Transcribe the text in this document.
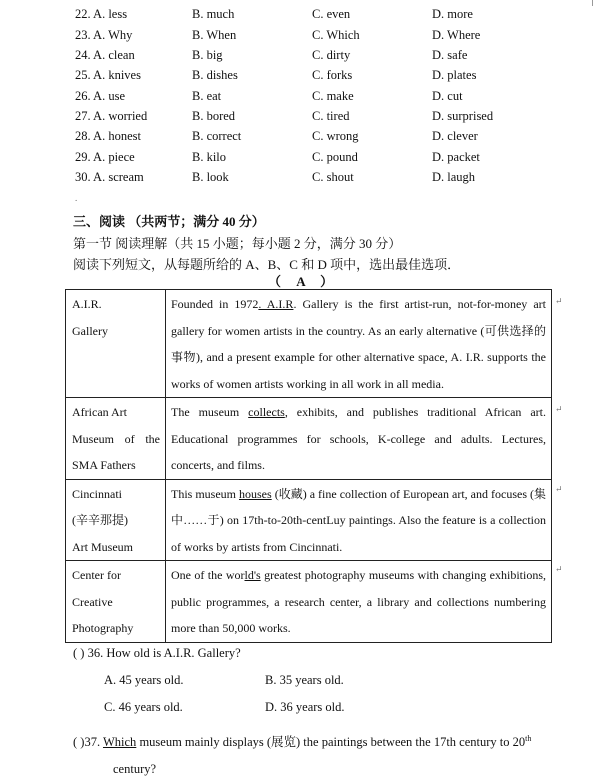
22. A. less	B. much	C. even	D. more
23. A. Why	B. When	C. Which	D. Where
24. A. clean	B. big	C. dirty	D. safe
25. A. knives	B. dishes	C. forks	D. plates
26. A. use	B. eat	C. make	D. cut
27. A. worried	B. bored	C. tired	D. surprised
28. A. honest	B. correct	C. wrong	D. clever
29. A. piece	B. kilo	C. pound	D. packet
30. A. scream	B. look	C. shout	D. laugh
.
三、阅读 （共两节；满分 40 分）
第一节 阅读理解（共 15 小题；每小题 2 分，满分 30 分）
阅读下列短文，从每题所给的 A、B、C 和 D 项中，选出最佳选项．
（ A ）
A.I.R.
Gallery	Founded in 1972. A.I.R. Gallery is the first artist-run, not-for-money art gallery for women artists in the country. As an early alternative (可供选择的事物), and a present example for other alternative space, A. I.R. supports the works of women artists working in all work in all media.

African Art
Museum of the
SMA Fathers	The museum collects, exhibits, and publishes traditional African art. Educational programmes for schools, K-college and adults. Lectures, concerts, and films.

Cincinnati
(辛辛那提)
Art Museum	This museum houses (收藏) a fine collection of European art, and focuses (集中……于) on 17th-to-20th-centLuy paintings. Also the feature is a collection of works by artists from Cincinnati.

Center for
Creative
Photography	One of the world's greatest photography museums with changing exhibitions, public programmes, a research center, a library and collections numbering more than 50,000 works.
↵
↵
↵
↵
( ) 36. How old is A.I.R. Gallery?
A. 45 years old.	B. 35 years old.
C. 46 years old.	D. 36 years old.
( )37. Which museum mainly displays (展览) the paintings between the 17th century to 20th
century?
